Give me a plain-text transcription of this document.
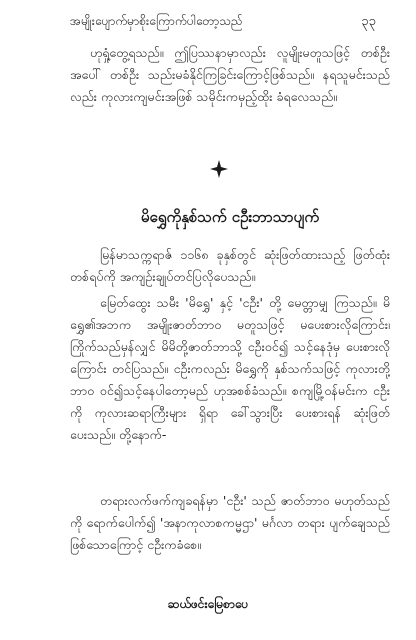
အမျိုးပျောက်မှာစိုးကြောက်ပါတော့သည်	၃၃

ဟုရှုံ့တွေ့ရသည်။ ဤပြဿနာမှာလည်း လူမျိုးမတူသဖြင့် တစ်ဦးအပေါ် တစ်ဦး သည်းမခံနိုင်ကြခြင်းကြောင့်ဖြစ်သည်။ နရသူမင်းသည်လည်း ကုလားကျမင်းအဖြစ် သမိုင်းကမှည့်ထိုး ခံရလေသည်။

မိရွှေကိုနှစ်သက် ငဦးဘာသာပျက်

မြန်မာသက္ကရာဇ် ၁၁၆၈ ခုနှစ်တွင် ဆုံးဖြတ်ထားသည့် ဖြတ်ထုံးတစ်ရပ်ကို အကျဉ်းချုပ်တင်ပြလိုပေသည်။

မြေတ်ထွေး သမီး 'မိရွှေ' နှင့် 'ငဦး' တို့ မေတ္တာမျှ ကြသည်။ မိရွှေ၏အဘက အမျိုးဇာတ်ဘာဝ မတူသဖြင့် မပေးစားလိုကြောင်း၊ ကြိုက်သည်မှန်လျှင် မိမိတို့ဇာတ်ဘာသို့ ငဦးဝင်၍ သင့်နေဒုံမှ ပေးစားလိုကြောင်း တင်ပြသည်။ ငဦးကလည်း မိရွှေကို နှစ်သက်သဖြင့် ကုလားတို့ဘာဝ ဝင်၍သင့်နေပါတော့မည် ဟုအစစ်ခံသည်။ စကျမြို့ဝန်မင်းက ငဦးကို ကုလားဆရာကြီးများ ရှိရာ ခေါ်သွားပြီး ပေးစားရန် ဆုံးဖြတ်ပေးသည်။ တို့နောက်-

တရားလက်ဖက်ကျခရန်မှာ 'ငဦး' သည် ဇာတ်ဘာဝ မဟုတ်သည်ကို ရောက်ပေါက်၍ 'အနာကုလာစကမ္မဌာ' မင်္ဂလာ တရား ပျက်ချေသည်ဖြစ်သောကြောင့် ငဦးကခံစေ။

ဆယ်ဖင်းမြေစာပေ
